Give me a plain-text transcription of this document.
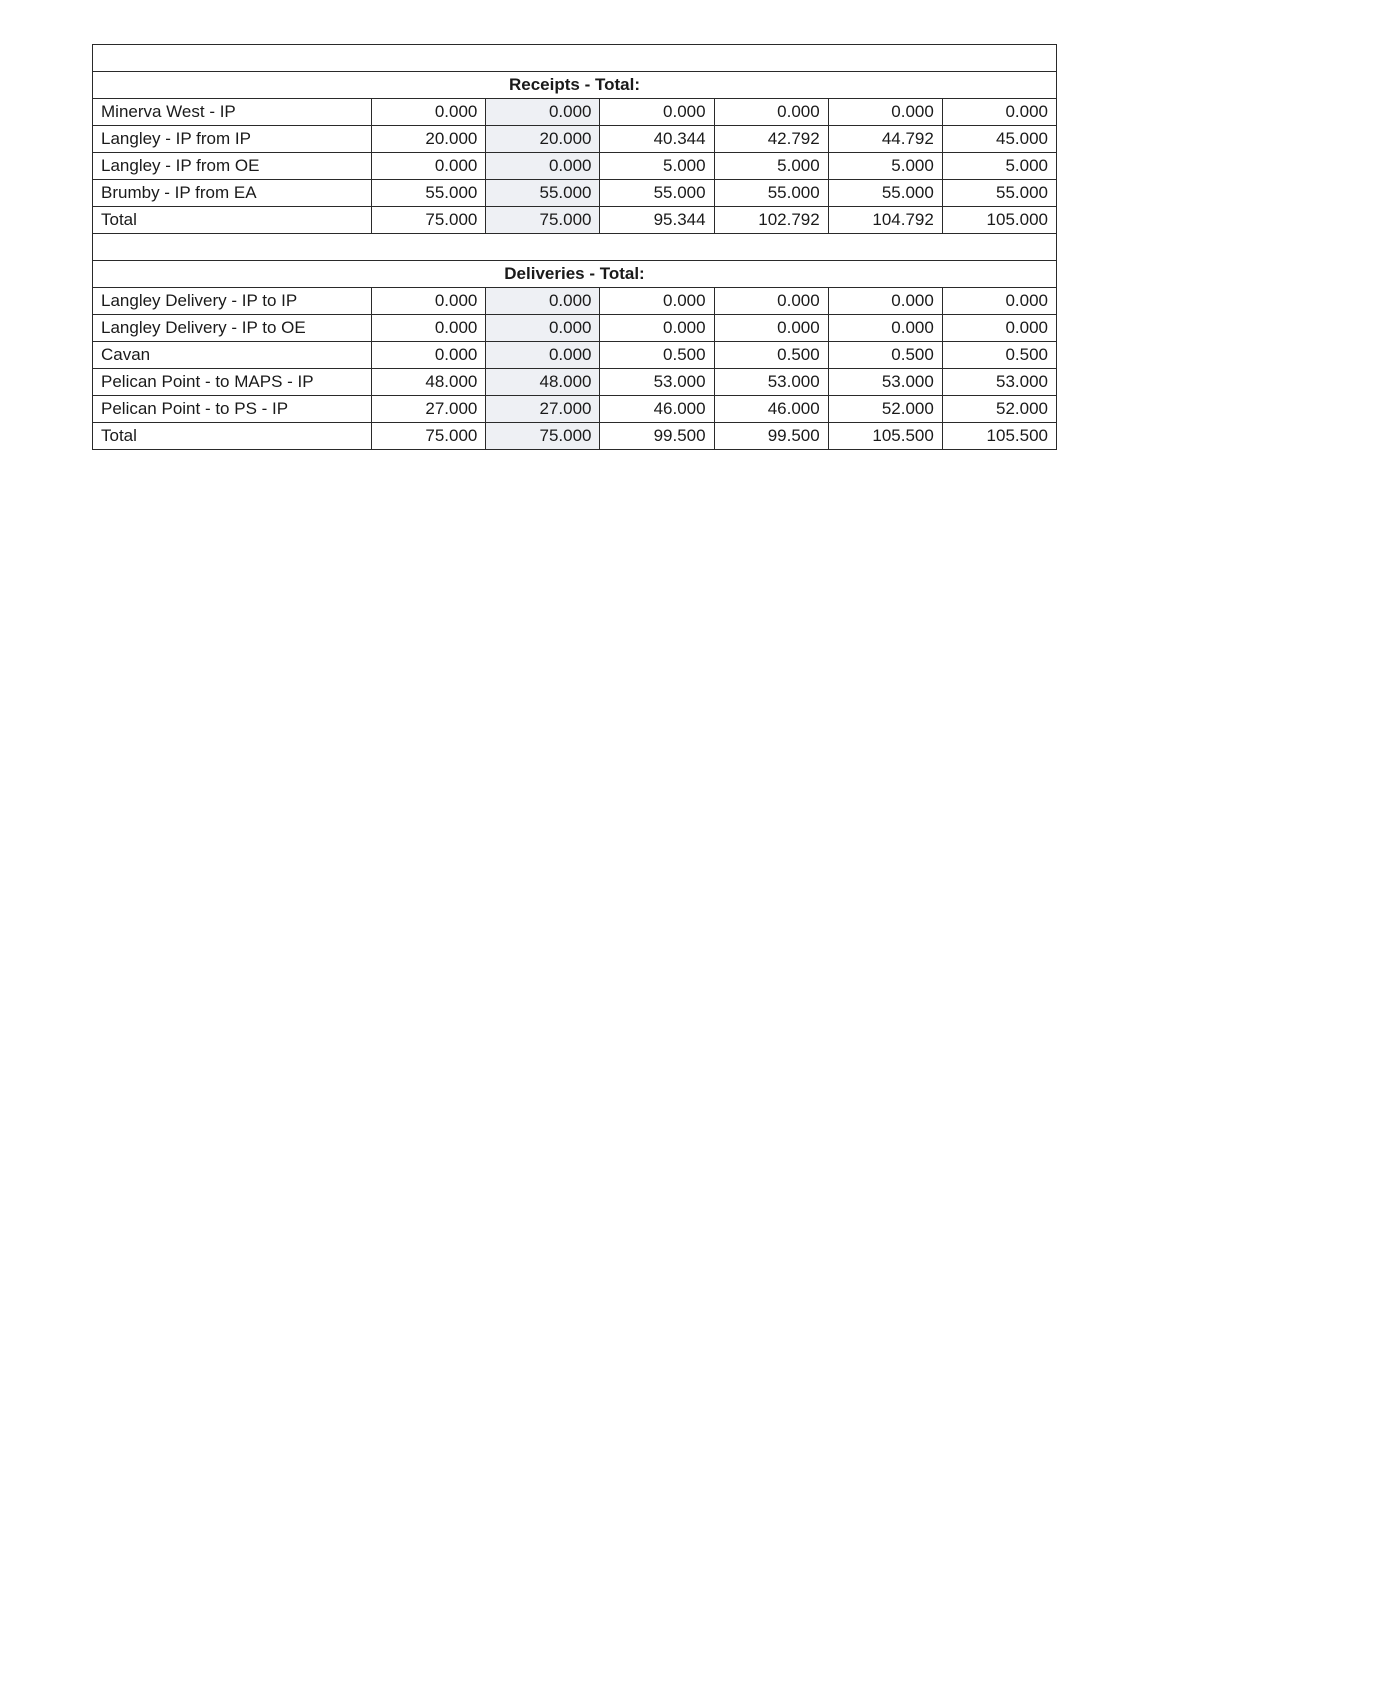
Receipts - Total:						
Minerva West - IP	0.000	0.000	0.000	0.000	0.000	0.000
Langley - IP from IP	20.000	20.000	40.344	42.792	44.792	45.000
Langley - IP from OE	0.000	0.000	5.000	5.000	5.000	5.000
Brumby - IP from EA	55.000	55.000	55.000	55.000	55.000	55.000
Total	75.000	75.000	95.344	102.792	104.792	105.000

Deliveries - Total:						
Langley Delivery - IP to IP	0.000	0.000	0.000	0.000	0.000	0.000
Langley Delivery - IP to OE	0.000	0.000	0.000	0.000	0.000	0.000
Cavan	0.000	0.000	0.500	0.500	0.500	0.500
Pelican Point - to MAPS - IP	48.000	48.000	53.000	53.000	53.000	53.000
Pelican Point - to PS - IP	27.000	27.000	46.000	46.000	52.000	52.000
Total	75.000	75.000	99.500	99.500	105.500	105.500
